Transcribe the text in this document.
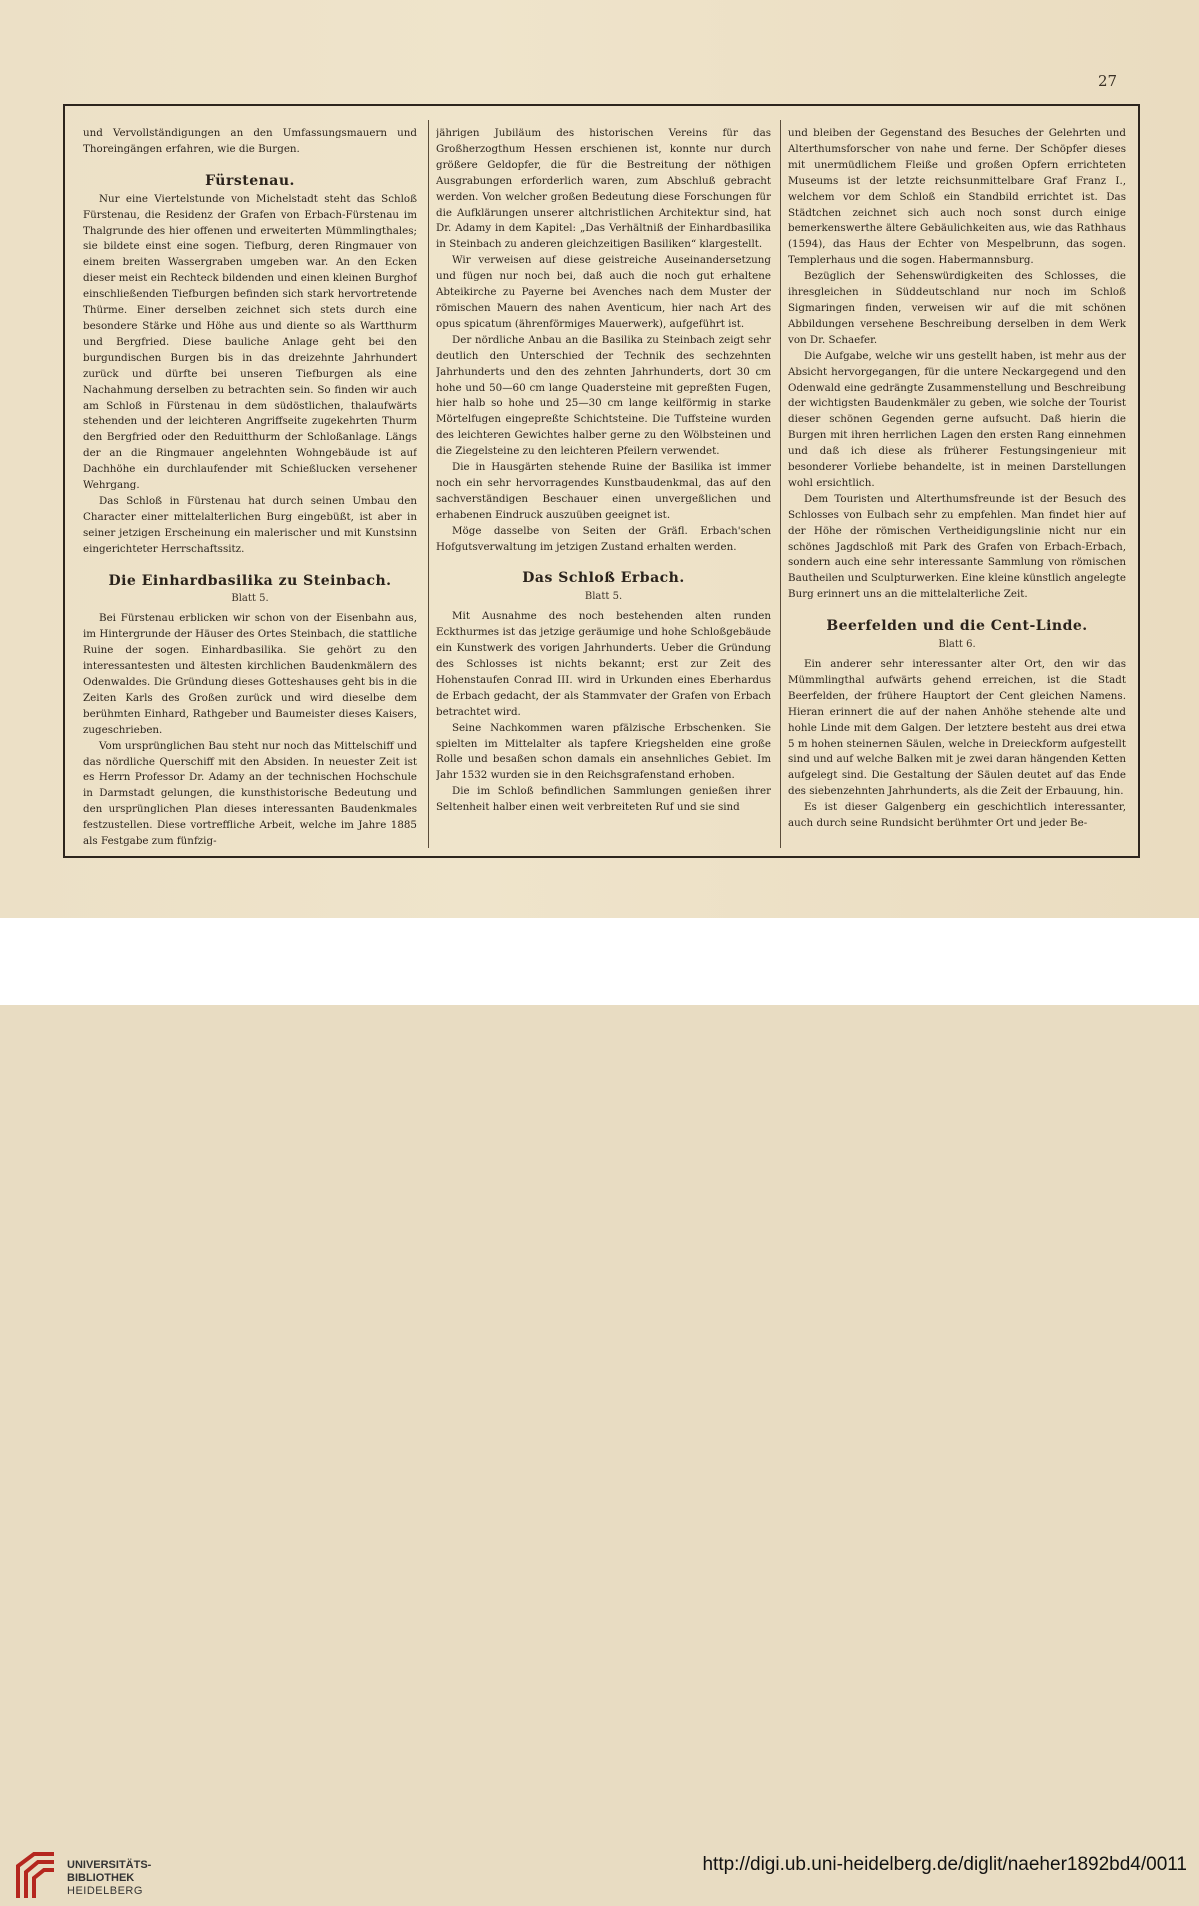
27

und Vervollständigungen an den Umfassungsmauern und Thoreingängen erfahren, wie die Burgen.

Fürstenau.

Nur eine Viertelstunde von Michelstadt steht das Schloß Fürstenau, die Residenz der Grafen von Erbach-Fürstenau im Thalgrunde des hier offenen und erweiterten Mümmlingthales; sie bildete einst eine sogen. Tiefburg, deren Ringmauer von einem breiten Wassergraben umgeben war. An den Ecken dieser meist ein Rechteck bildenden und einen kleinen Burghof einschließenden Tiefburgen befinden sich stark hervortretende Thürme. Einer derselben zeichnet sich stets durch eine besondere Stärke und Höhe aus und diente so als Wartthurm und Bergfried. Diese bauliche Anlage geht bei den burgundischen Burgen bis in das dreizehnte Jahrhundert zurück und dürfte bei unseren Tiefburgen als eine Nachahmung derselben zu betrachten sein. So finden wir auch am Schloß in Fürstenau in dem südöstlichen, thalaufwärts stehenden und der leichteren Angriffseite zugekehrten Thurm den Bergfried oder den Reduitthurm der Schloßanlage. Längs der an die Ringmauer angelehnten Wohngebäude ist auf Dachhöhe ein durchlaufender mit Schießlucken versehener Wehrgang.

Das Schloß in Fürstenau hat durch seinen Umbau den Character einer mittelalterlichen Burg eingebüßt, ist aber in seiner jetzigen Erscheinung ein malerischer und mit Kunstsinn eingerichteter Herrschaftssitz.

Die Einhardbasilika zu Steinbach.
Blatt 5.

Bei Fürstenau erblicken wir schon von der Eisenbahn aus, im Hintergrunde der Häuser des Ortes Steinbach, die stattliche Ruine der sogen. Einhardbasilika. Sie gehört zu den interessantesten und ältesten kirchlichen Baudenkmälern des Odenwaldes. Die Gründung dieses Gotteshauses geht bis in die Zeiten Karls des Großen zurück und wird dieselbe dem berühmten Einhard, Rathgeber und Baumeister dieses Kaisers, zugeschrieben.

Vom ursprünglichen Bau steht nur noch das Mittelschiff und das nördliche Querschiff mit den Absiden. In neuester Zeit ist es Herrn Professor Dr. Adamy an der technischen Hochschule in Darmstadt gelungen, die kunsthistorische Bedeutung und den ursprünglichen Plan dieses interessanten Baudenkmales festzustellen. Diese vortreffliche Arbeit, welche im Jahre 1885 als Festgabe zum fünfzig-

jährigen Jubiläum des historischen Vereins für das Großherzogthum Hessen erschienen ist, konnte nur durch größere Geldopfer, die für die Bestreitung der nöthigen Ausgrabungen erforderlich waren, zum Abschluß gebracht werden. Von welcher großen Bedeutung diese Forschungen für die Aufklärungen unserer altchristlichen Architektur sind, hat Dr. Adamy in dem Kapitel: „Das Verhältniß der Einhardbasilika in Steinbach zu anderen gleichzeitigen Basiliken“ klargestellt.

Wir verweisen auf diese geistreiche Auseinandersetzung und fügen nur noch bei, daß auch die noch gut erhaltene Abteikirche zu Payerne bei Avenches nach dem Muster der römischen Mauern des nahen Aventicum, hier nach Art des opus spicatum (ährenförmiges Mauerwerk), aufgeführt ist.

Der nördliche Anbau an die Basilika zu Steinbach zeigt sehr deutlich den Unterschied der Technik des sechzehnten Jahrhunderts und den des zehnten Jahrhunderts, dort 30 cm hohe und 50—60 cm lange Quadersteine mit gepreßten Fugen, hier halb so hohe und 25—30 cm lange keilförmig in starke Mörtelfugen eingepreßte Schichtsteine. Die Tuffsteine wurden des leichteren Gewichtes halber gerne zu den Wölbsteinen und die Ziegelsteine zu den leichteren Pfeilern verwendet.

Die in Hausgärten stehende Ruine der Basilika ist immer noch ein sehr hervorragendes Kunstbaudenkmal, das auf den sachverständigen Beschauer einen unvergeßlichen und erhabenen Eindruck auszuüben geeignet ist.

Möge dasselbe von Seiten der Gräfl. Erbach'schen Hofgutsverwaltung im jetzigen Zustand erhalten werden.

Das Schloß Erbach.
Blatt 5.

Mit Ausnahme des noch bestehenden alten runden Eckthurmes ist das jetzige geräumige und hohe Schloßgebäude ein Kunstwerk des vorigen Jahrhunderts. Ueber die Gründung des Schlosses ist nichts bekannt; erst zur Zeit des Hohenstaufen Conrad III. wird in Urkunden eines Eberhardus de Erbach gedacht, der als Stammvater der Grafen von Erbach betrachtet wird.

Seine Nachkommen waren pfälzische Erbschenken. Sie spielten im Mittelalter als tapfere Kriegshelden eine große Rolle und besaßen schon damals ein ansehnliches Gebiet. Im Jahr 1532 wurden sie in den Reichsgrafenstand erhoben.

Die im Schloß befindlichen Sammlungen genießen ihrer Seltenheit halber einen weit verbreiteten Ruf und sie sind

und bleiben der Gegenstand des Besuches der Gelehrten und Alterthumsforscher von nahe und ferne. Der Schöpfer dieses mit unermüdlichem Fleiße und großen Opfern errichteten Museums ist der letzte reichsunmittelbare Graf Franz I., welchem vor dem Schloß ein Standbild errichtet ist. Das Städtchen zeichnet sich auch noch sonst durch einige bemerkenswerthe ältere Gebäulichkeiten aus, wie das Rathhaus (1594), das Haus der Echter von Mespelbrunn, das sogen. Templerhaus und die sogen. Habermannsburg.

Bezüglich der Sehenswürdigkeiten des Schlosses, die ihresgleichen in Süddeutschland nur noch im Schloß Sigmaringen finden, verweisen wir auf die mit schönen Abbildungen versehene Beschreibung derselben in dem Werk von Dr. Schaefer.

Die Aufgabe, welche wir uns gestellt haben, ist mehr aus der Absicht hervorgegangen, für die untere Neckargegend und den Odenwald eine gedrängte Zusammenstellung und Beschreibung der wichtigsten Baudenkmäler zu geben, wie solche der Tourist dieser schönen Gegenden gerne aufsucht. Daß hierin die Burgen mit ihren herrlichen Lagen den ersten Rang einnehmen und daß ich diese als früherer Festungsingenieur mit besonderer Vorliebe behandelte, ist in meinen Darstellungen wohl ersichtlich.

Dem Touristen und Alterthumsfreunde ist der Besuch des Schlosses von Eulbach sehr zu empfehlen. Man findet hier auf der Höhe der römischen Vertheidigungslinie nicht nur ein schönes Jagdschloß mit Park des Grafen von Erbach-Erbach, sondern auch eine sehr interessante Sammlung von römischen Bautheilen und Sculpturwerken. Eine kleine künstlich angelegte Burg erinnert uns an die mittelalterliche Zeit.

Beerfelden und die Cent-Linde.
Blatt 6.

Ein anderer sehr interessanter alter Ort, den wir das Mümmlingthal aufwärts gehend erreichen, ist die Stadt Beerfelden, der frühere Hauptort der Cent gleichen Namens. Hieran erinnert die auf der nahen Anhöhe stehende alte und hohle Linde mit dem Galgen. Der letztere besteht aus drei etwa 5 m hohen steinernen Säulen, welche in Dreieckform aufgestellt sind und auf welche Balken mit je zwei daran hängenden Ketten aufgelegt sind. Die Gestaltung der Säulen deutet auf das Ende des siebenzehnten Jahrhunderts, als die Zeit der Erbauung, hin.

Es ist dieser Galgenberg ein geschichtlich interessanter, auch durch seine Rundsicht berühmter Ort und jeder Be-

UNIVERSITÄTS-
BIBLIOTHEK
HEIDELBERG
http://digi.ub.uni-heidelberg.de/diglit/naeher1892bd4/0011
